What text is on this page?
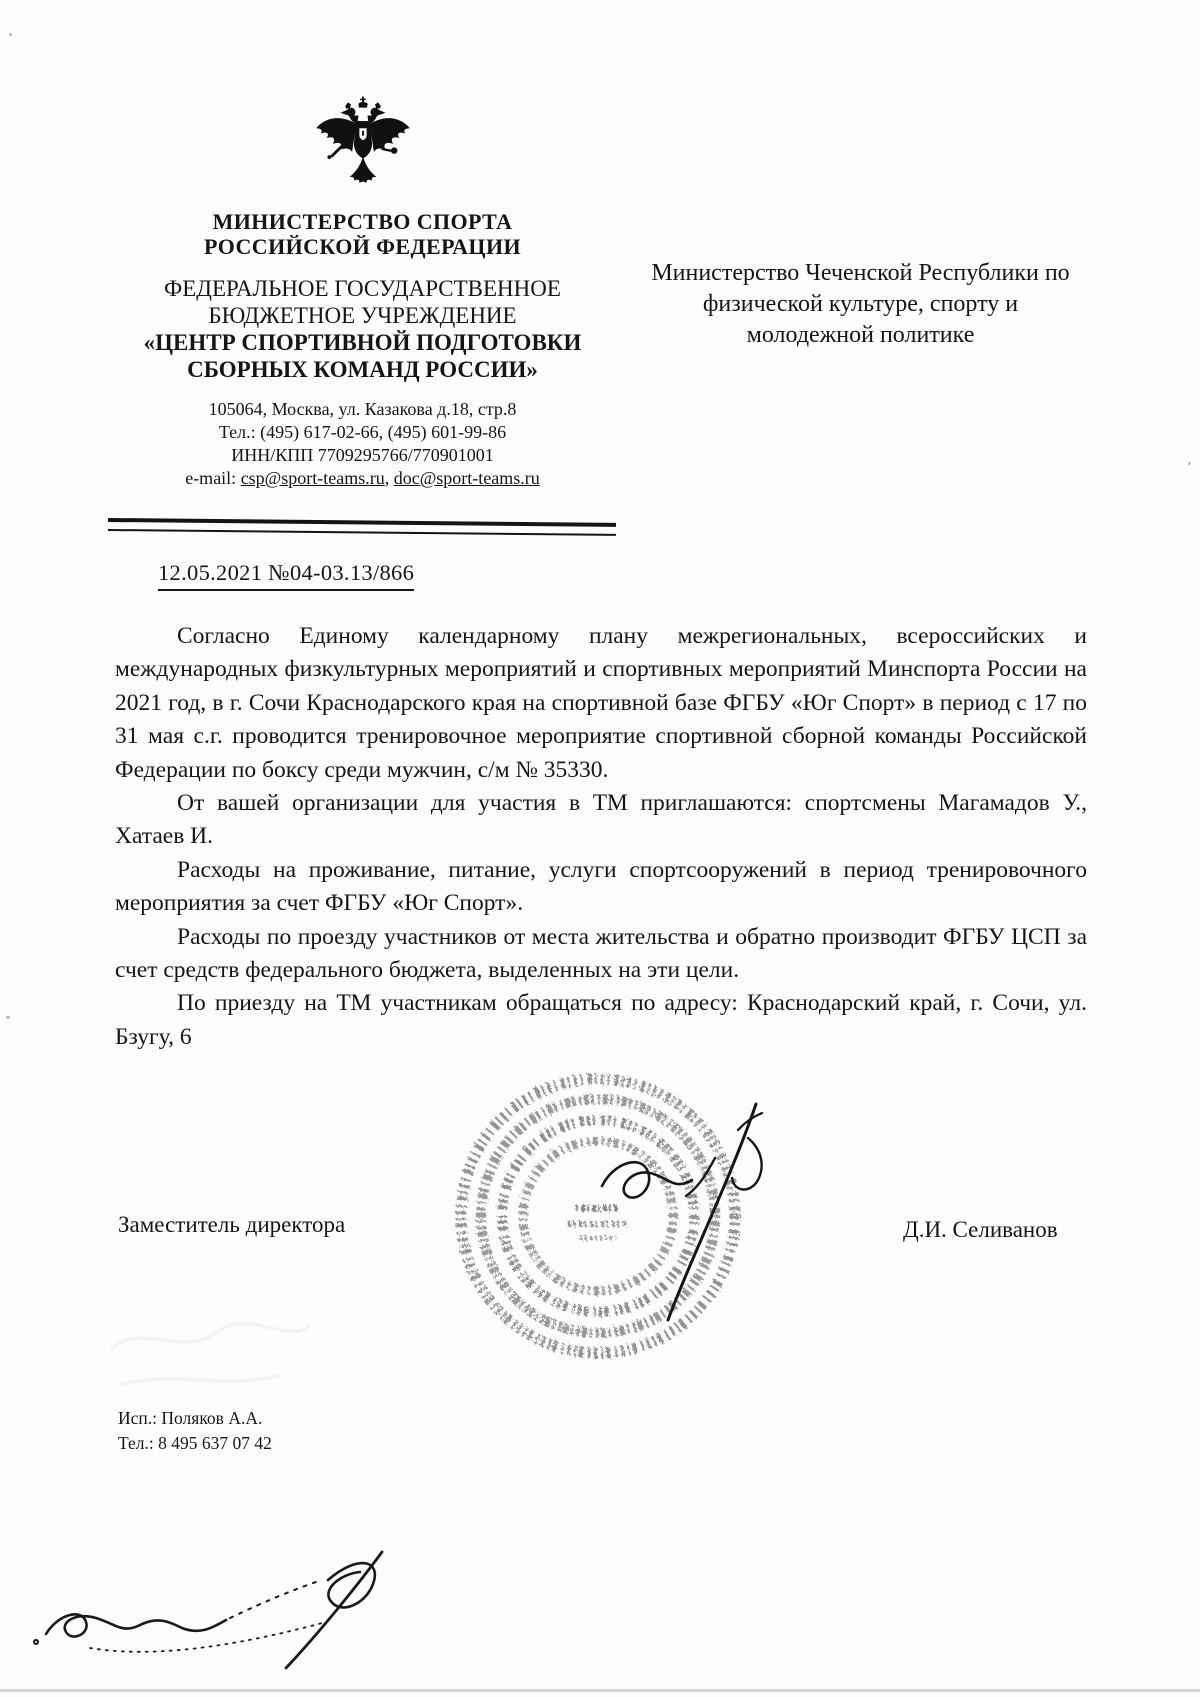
МИНИСТЕРСТВО СПОРТА
РОССИЙСКОЙ ФЕДЕРАЦИИ
ФЕДЕРАЛЬНОЕ ГОСУДАРСТВЕННОЕ
БЮДЖЕТНОЕ УЧРЕЖДЕНИЕ
«ЦЕНТР СПОРТИВНОЙ ПОДГОТОВКИ
СБОРНЫХ КОМАНД РОССИИ»
105064, Москва, ул. Казакова д.18, стр.8
Тел.: (495) 617-02-66, (495) 601-99-86
ИНН/КПП 7709295766/770901001
e-mail: csp@sport-teams.ru, doc@sport-teams.ru
Министерство Чеченской Республики по
физической культуре, спорту и
молодежной политике
12.05.2021 №04-03.13/866

Согласно Единому календарному плану межрегиональных, всероссийских и международных физкультурных мероприятий и спортивных мероприятий Минспорта России на 2021 год, в г. Сочи Краснодарского края на спортивной базе ФГБУ «Юг Спорт» в период с 17 по 31 мая с.г. проводится тренировочное мероприятие спортивной сборной команды Российской Федерации по боксу среди мужчин, с/м № 35330.

От вашей организации для участия в ТМ приглашаются: спортсмены Магамадов У., Хатаев И.

Расходы на проживание, питание, услуги спортсооружений в период тренировочного мероприятия за счет ФГБУ «Юг Спорт».

Расходы по проезду участников от места жительства и обратно производит ФГБУ ЦСП за счет средств федерального бюджета, выделенных на эти цели.

По приезду на ТМ участникам обращаться по адресу: Краснодарский край, г. Сочи, ул. Бзугу, 6

Заместитель директора	Д.И. Селиванов
Исп.: Поляков А.А.
Тел.: 8 495 637 07 42
